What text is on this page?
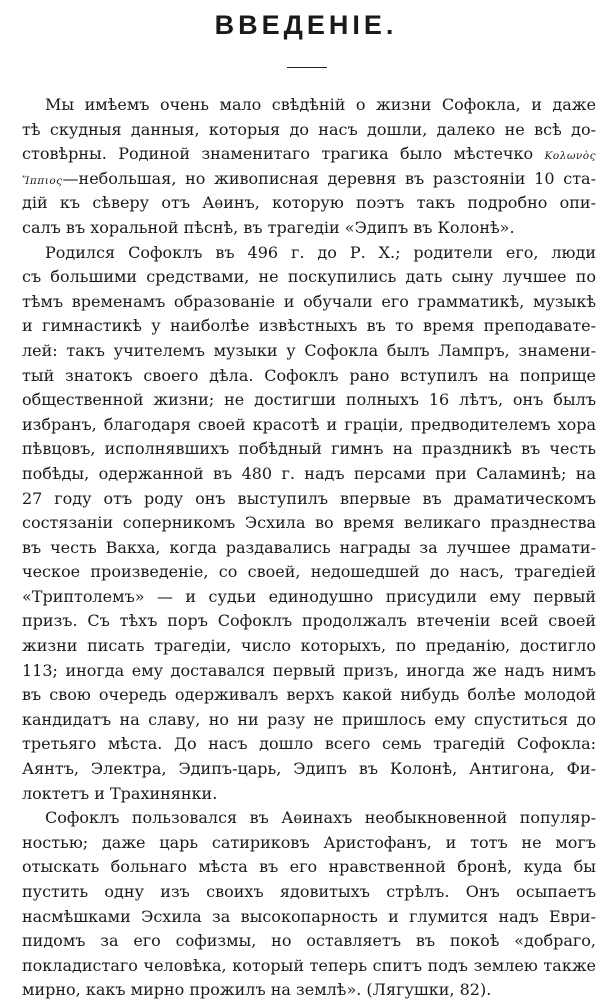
ВВЕДЕНІЕ.
Мы имѣемъ очень мало свѣдѣній о жизни Софокла, и даже
тѣ скудныя данныя, которыя до насъ дошли, далеко не всѣ до-
стовѣрны. Родиной знаменитаго трагика было мѣстечко Κολωνὸς
Ἵππιος—небольшая, но живописная деревня въ разстояніи 10 ста-
дій къ сѣверу отъ Аѳинъ, которую поэтъ такъ подробно опи-
салъ въ хоральной пѣснѣ, въ трагедіи «Эдипъ въ Колонѣ».
Родился Софоклъ въ 496 г. до Р. Х.; родители его, люди
съ большими средствами, не поскупились дать сыну лучшее по
тѣмъ временамъ образованіе и обучали его грамматикѣ, музыкѣ
и гимнастикѣ у наиболѣе извѣстныхъ въ то время преподавате-
лей: такъ учителемъ музыки у Софокла былъ Лампръ, знамени-
тый знатокъ своего дѣла. Софоклъ рано вступилъ на поприще
общественной жизни; не достигши полныхъ 16 лѣтъ, онъ былъ
избранъ, благодаря своей красотѣ и граціи, предводителемъ хора
пѣвцовъ, исполнявшихъ побѣдный гимнъ на праздникѣ въ честь
побѣды, одержанной въ 480 г. надъ персами при Саламинѣ; на
27 году отъ роду онъ выступилъ впервые въ драматическомъ
состязаніи соперникомъ Эсхила во время великаго празднества
въ честь Вакха, когда раздавались награды за лучшее драмати-
ческое произведеніе, со своей, недошедшей до насъ, трагедіей
«Триптолемъ» — и судьи единодушно присудили ему первый
призъ. Съ тѣхъ поръ Софоклъ продолжалъ втеченіи всей своей
жизни писать трагедіи, число которыхъ, по преданію, достигло
113; иногда ему доставался первый призъ, иногда же надъ нимъ
въ свою очередь одерживалъ верхъ какой нибудь болѣе молодой
кандидатъ на славу, но ни разу не пришлось ему спуститься до
третьяго мѣста. До насъ дошло всего семь трагедій Софокла:
Аянтъ, Электра, Эдипъ-царь, Эдипъ въ Колонѣ, Антигона, Фи-
локтетъ и Трахинянки.
Софоклъ пользовался въ Аѳинахъ необыкновенной популяр-
ностью; даже царь сатириковъ Аристофанъ, и тотъ не могъ
отыскать больнаго мѣста въ его нравственной бронѣ, куда бы
пустить одну изъ своихъ ядовитыхъ стрѣлъ. Онъ осыпаетъ
насмѣшками Эсхила за высокопарность и глумится надъ Еври-
пидомъ за его софизмы, но оставляетъ въ покоѣ «добраго,
покладистаго человѣка, который теперь спитъ подъ землею также
мирно, какъ мирно прожилъ на землѣ». (Лягушки, 82).
